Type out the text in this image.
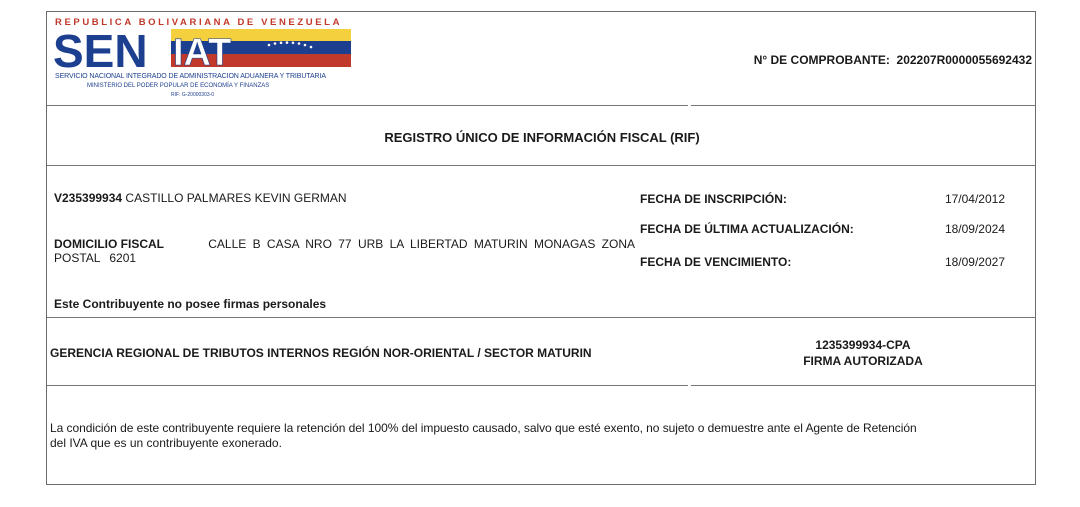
REPUBLICA BOLIVARIANA DE VENEZUELA
SEN IAT
SERVICIO NACIONAL INTEGRADO DE ADMINISTRACION ADUANERA Y TRIBUTARIA
MINISTERIO DEL PODER POPULAR DE ECONOMÍA Y FINANZAS
RIF: G-20000303-0
N° DE COMPROBANTE: 202207R0000055692432
REGISTRO ÚNICO DE INFORMACIÓN FISCAL (RIF)
V235399934 CASTILLO PALMARES KEVIN GERMAN
DOMICILIO FISCAL	CALLE B CASA NRO 77 URB LA LIBERTAD MATURIN MONAGAS ZONA
POSTAL 6201
Este Contribuyente no posee firmas personales
FECHA DE INSCRIPCIÓN:	17/04/2012
FECHA DE ÚLTIMA ACTUALIZACIÓN:	18/09/2024
FECHA DE VENCIMIENTO:	18/09/2027
GERENCIA REGIONAL DE TRIBUTOS INTERNOS REGIÓN NOR-ORIENTAL / SECTOR MATURIN
1235399934-CPA
FIRMA AUTORIZADA
La condición de este contribuyente requiere la retención del 100% del impuesto causado, salvo que esté exento, no sujeto o demuestre ante el Agente de Retención
del IVA que es un contribuyente exonerado.
